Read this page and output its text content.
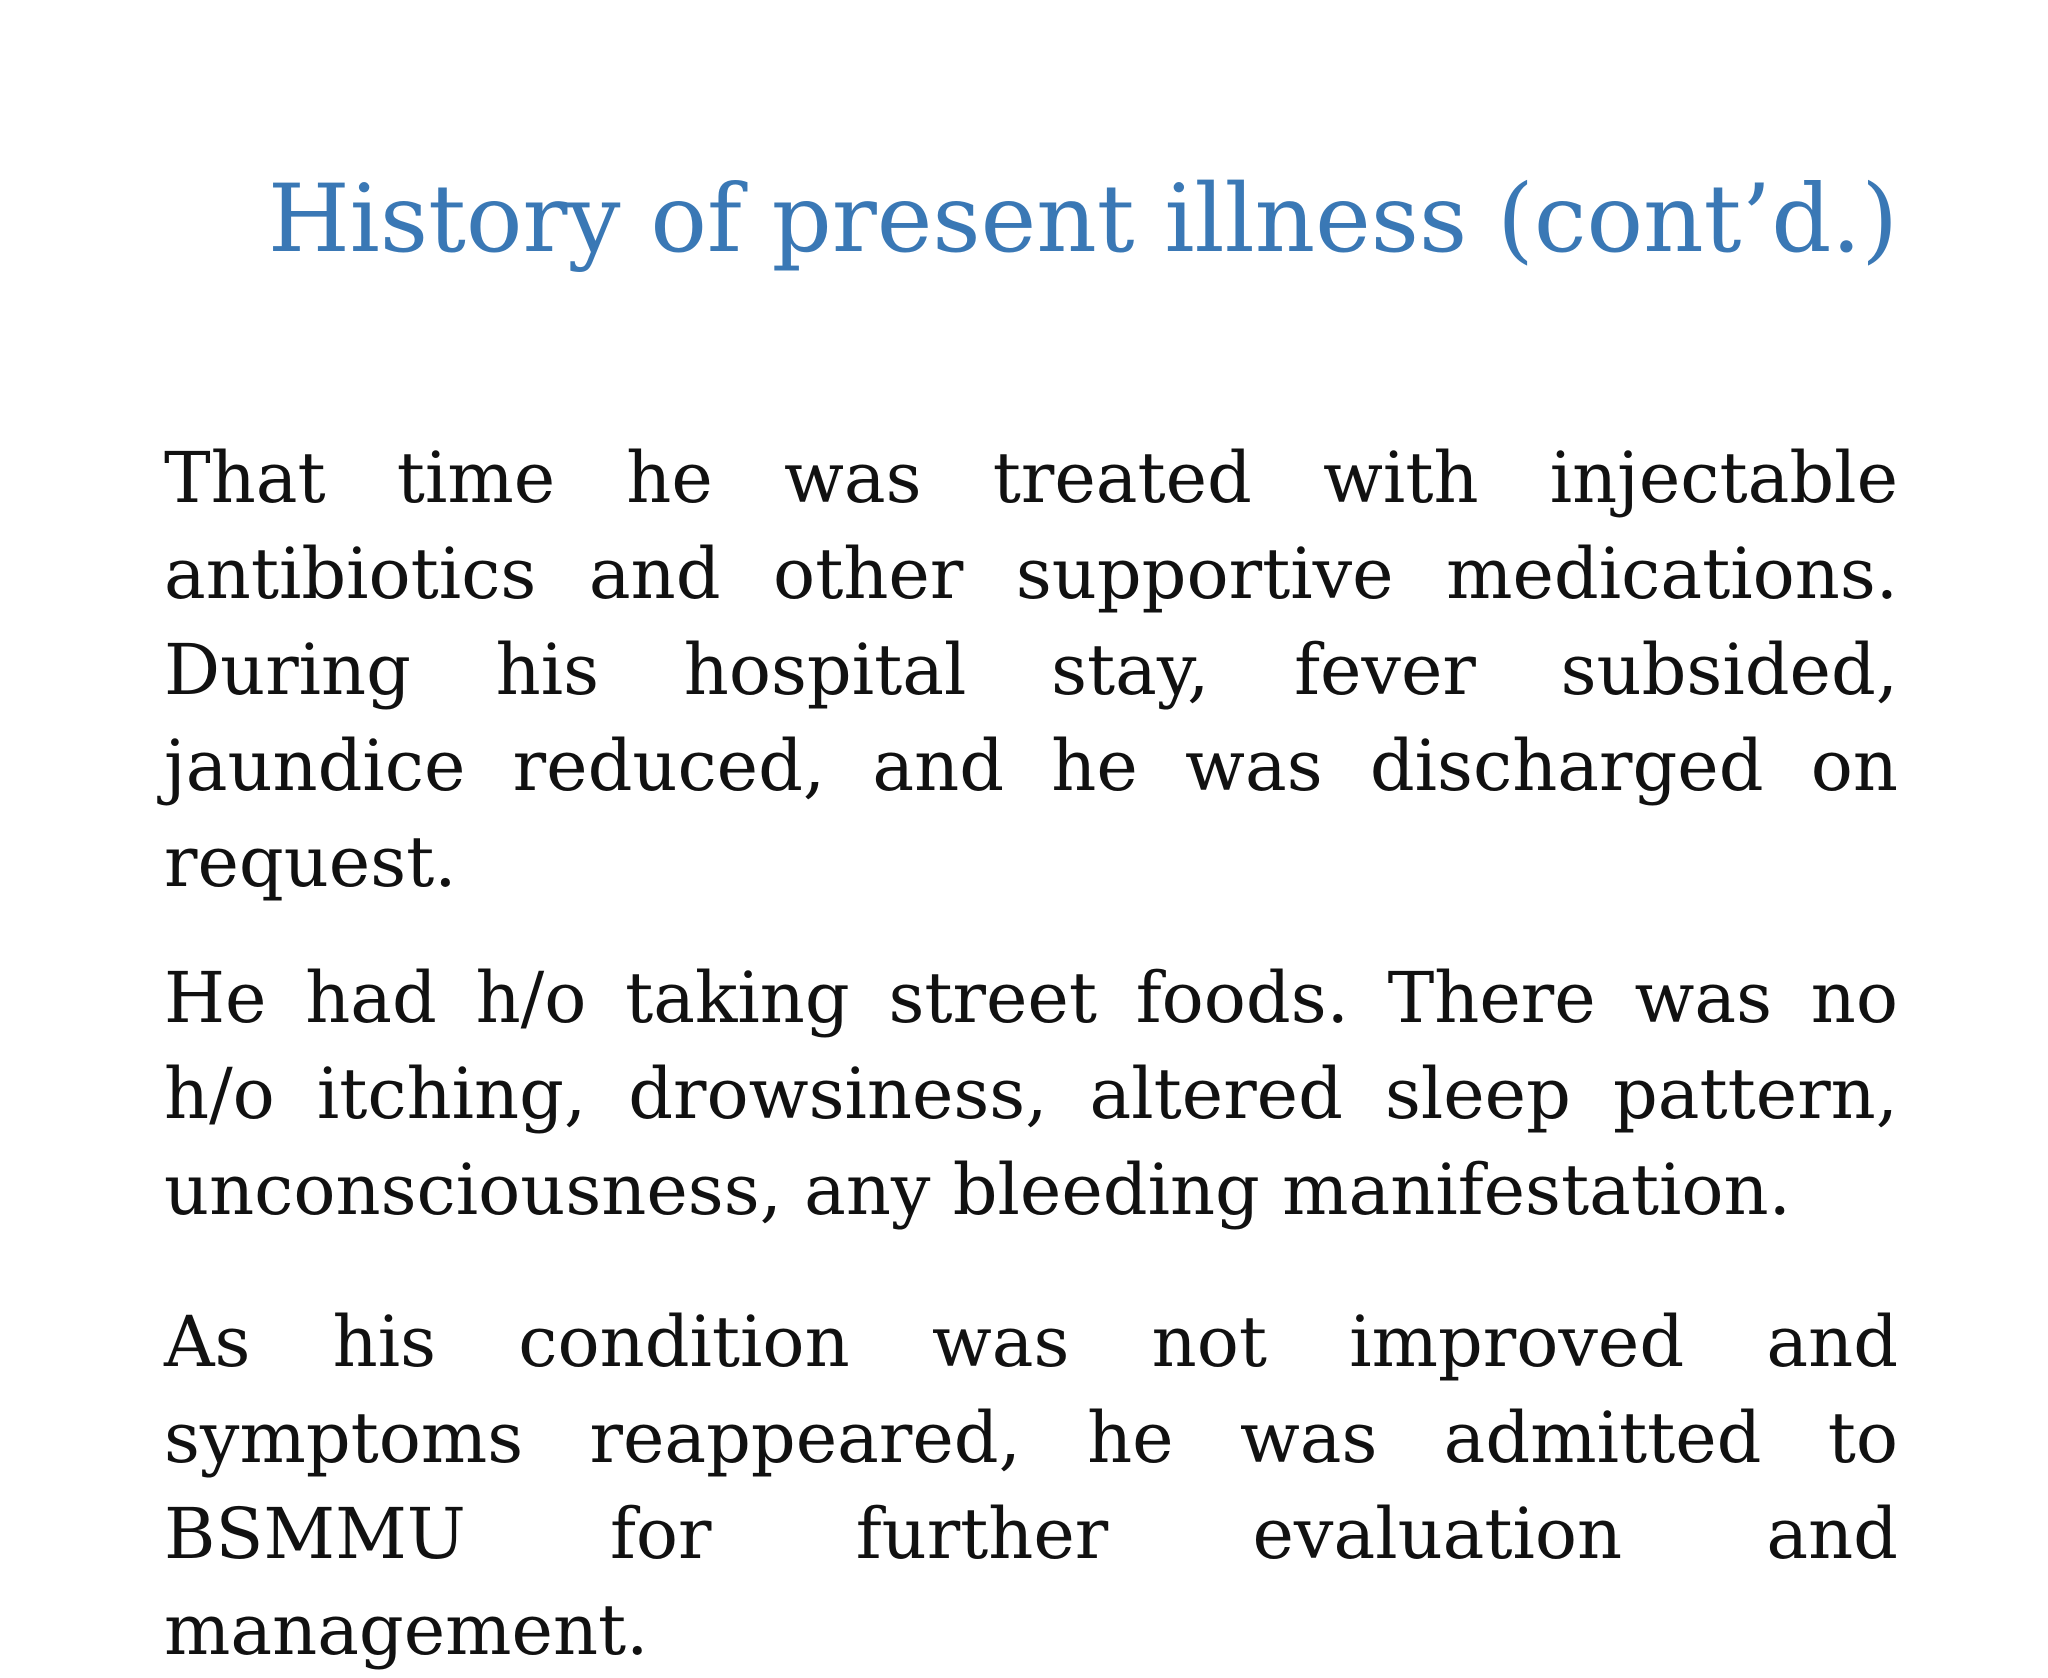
History of present illness (cont’d.)

That time he was treated with injectable antibiotics and other supportive medications. During his hospital stay, fever subsided, jaundice reduced, and he was discharged on request.

He had h/o taking street foods. There was no h/o itching, drowsiness, altered sleep pattern, unconsciousness, any bleeding manifestation.

As his condition was not improved and symptoms reappeared, he was admitted to BSMMU for further evaluation and management.
